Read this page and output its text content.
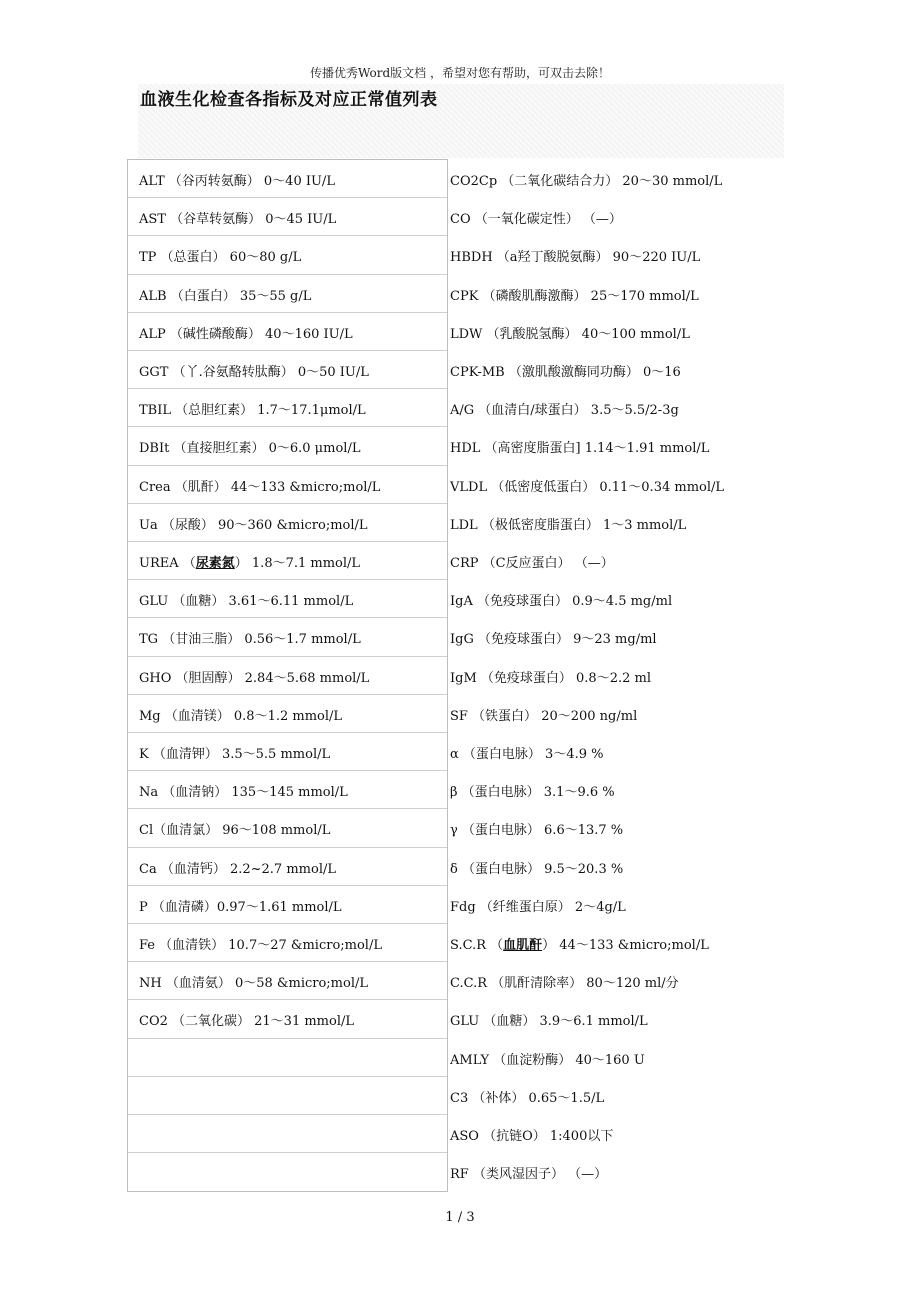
传播优秀Word版文档 ，希望对您有帮助，可双击去除！
血液生化检查各指标及对应正常值列表
1 / 3
ALT （谷丙转氨酶） 0～40 IU/L
AST （谷草转氨酶） 0～45 IU/L
TP （总蛋白） 60～80 g/L
ALB （白蛋白） 35～55 g/L
ALP （碱性磷酸酶） 40～160 IU/L
GGT （丫.谷氨酪转肽酶） 0～50 IU/L
TBIL （总胆红素） 1.7～17.1μmol/L
DBIt （直接胆红素） 0～6.0 μmol/L
Crea （肌酐） 44～133 &micro;mol/L
Ua （尿酸） 90～360 &micro;mol/L
UREA （尿素氮） 1.8～7.1 mmol/L
GLU （血糖） 3.61～6.11 mmol/L
TG （甘油三脂） 0.56～1.7 mmol/L
GHO （胆固醇） 2.84～5.68 mmol/L
Mg （血清镁） 0.8～1.2 mmol/L
K （血清钾） 3.5～5.5 mmol/L
Na （血清钠） 135～145 mmol/L
Cl（血清氯） 96～108 mmol/L
Ca （血清钙） 2.2~2.7 mmol/L
P （血清磷）0.97～1.61 mmol/L
Fe （血清铁） 10.7～27 &micro;mol/L
NH （血清氨） 0～58 &micro;mol/L
CO2 （二氧化碳） 21～31 mmol/L
CO2Cp （二氧化碳结合力） 20～30 mmol/L
CO （一氧化碳定性） （—）
HBDH （a羟丁酸脱氨酶） 90～220 IU/L
CPK （磷酸肌酶激酶） 25～170 mmol/L
LDW （乳酸脱氢酶） 40～100 mmol/L
CPK-MB （激肌酸激酶同功酶） 0～16
A/G （血清白/球蛋白） 3.5～5.5/2-3g
HDL （高密度脂蛋白] 1.14～1.91 mmol/L
VLDL （低密度低蛋白） 0.11～0.34 mmol/L
LDL （极低密度脂蛋白） 1～3 mmol/L
CRP （C反应蛋白） （—）
IgA （免疫球蛋白） 0.9～4.5 mg/ml
IgG （免疫球蛋白） 9～23 mg/ml
IgM （免疫球蛋白） 0.8～2.2 ml
SF （铁蛋白） 20～200 ng/ml
α （蛋白电脉） 3～4.9 %
β （蛋白电脉） 3.1～9.6 %
γ （蛋白电脉） 6.6～13.7 %
δ （蛋白电脉） 9.5～20.3 %
Fdg （纤维蛋白原） 2～4g/L
S.C.R （血肌酐） 44～133 &micro;mol/L
C.C.R （肌酐清除率） 80～120 ml/分
GLU （血糖） 3.9～6.1 mmol/L
AMLY （血淀粉酶） 40～160 U
C3 （补体） 0.65～1.5/L
ASO （抗链O） 1:400以下
RF （类风湿因子） （—）
